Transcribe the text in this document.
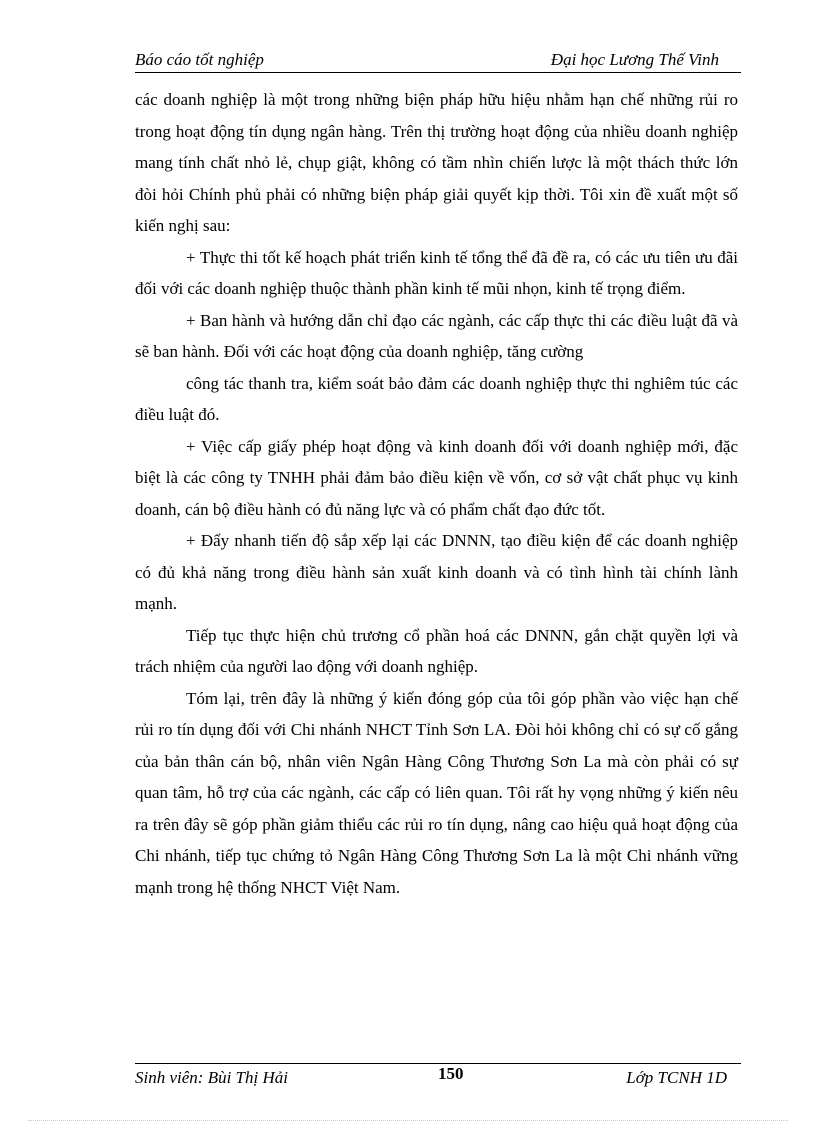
Báo cáo tốt nghiệp	Đại học Lương Thế Vinh

các doanh nghiệp là một trong những biện pháp hữu hiệu nhằm hạn chế những rủi ro trong hoạt động tín dụng ngân hàng. Trên thị trường hoạt động của nhiều doanh nghiệp mang tính chất nhỏ lẻ, chụp giật, không có tầm nhìn chiến lược là một thách thức lớn đòi hỏi Chính phủ phải có những biện pháp giải quyết kịp thời. Tôi xin đề xuất một số kiến nghị sau:

+ Thực thi tốt kế hoạch phát triển kinh tế tổng thể đã đề ra, có các ưu tiên ưu đãi đối với các doanh nghiệp thuộc thành phần kinh tế mũi nhọn, kinh tế trọng điểm.

+ Ban hành và hướng dẫn chỉ đạo các ngành, các cấp thực thi các điều luật đã và sẽ ban hành. Đối với các hoạt động của doanh nghiệp, tăng cường

công tác thanh tra, kiểm soát bảo đảm các doanh nghiệp thực thi nghiêm túc các điều luật đó.

+ Việc cấp giấy phép hoạt động và kinh doanh đối với doanh nghiệp mới, đặc biệt là các công ty TNHH phải đảm bảo điều kiện về vốn, cơ sở vật chất phục vụ kinh doanh, cán bộ điều hành có đủ năng lực và có phẩm chất đạo đức tốt.

+ Đẩy nhanh tiến độ sắp xếp lại các DNNN, tạo điều kiện để các doanh nghiệp có đủ khả năng trong điều hành sản xuất kinh doanh và có tình hình tài chính lành mạnh.

Tiếp tục thực hiện chủ trương cổ phần hoá các DNNN, gắn chặt quyền lợi và trách nhiệm của người lao động với doanh nghiệp.

Tóm lại, trên đây là những ý kiến đóng góp của tôi góp phần vào việc hạn chế rủi ro tín dụng đối với Chi nhánh NHCT Tỉnh Sơn LA. Đòi hỏi không chỉ có sự cố gắng của bản thân cán bộ, nhân viên Ngân Hàng Công Thương Sơn La mà còn phải có sự quan tâm, hỗ trợ của các ngành, các cấp có liên quan. Tôi rất hy vọng những ý kiến nêu ra trên đây sẽ góp phần giảm thiểu các rủi ro tín dụng, nâng cao hiệu quả hoạt động của Chi nhánh, tiếp tục chứng tỏ Ngân Hàng Công Thương Sơn La là một Chi nhánh vững mạnh trong hệ thống NHCT Việt Nam.

Sinh viên: Bùi Thị Hải	150	Lớp TCNH 1D
